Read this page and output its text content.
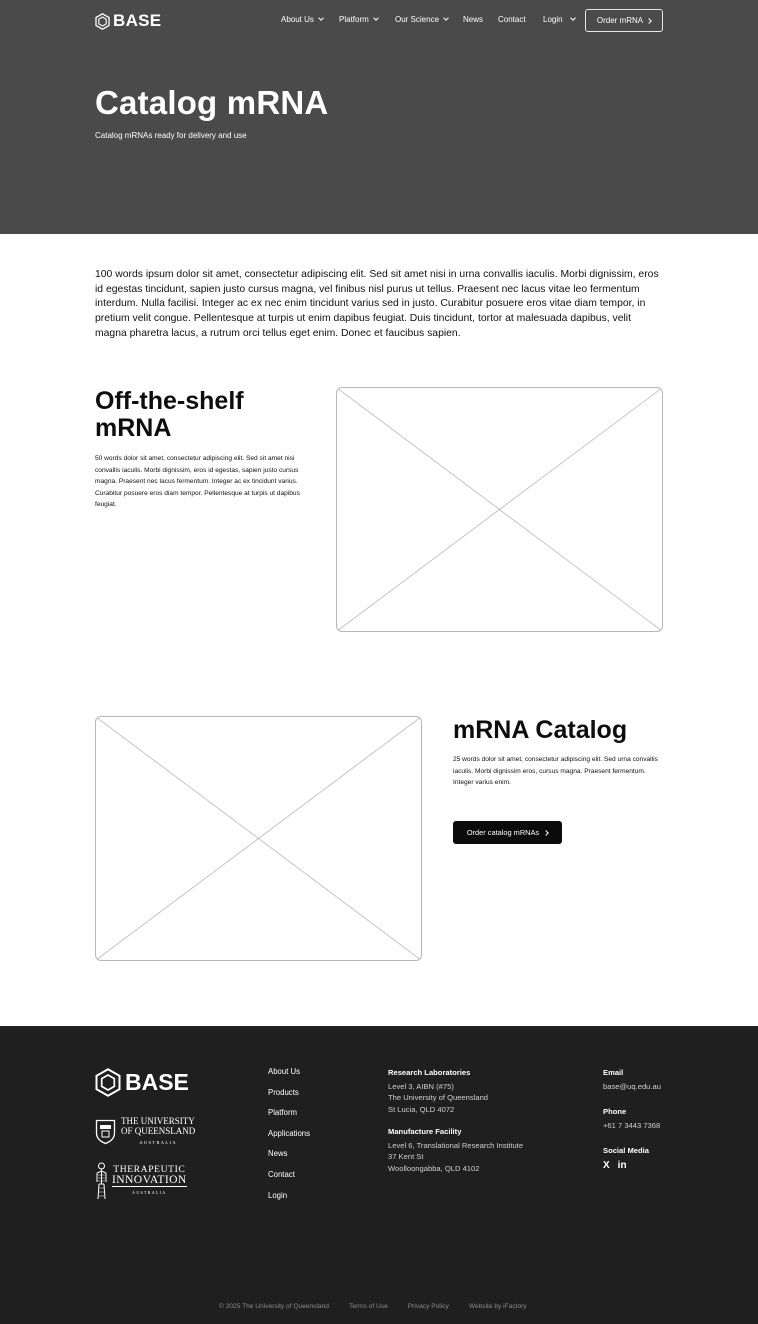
BASE	About Us	Platform	Our Science	News Contact Login	Order mRNA
Catalog mRNA

Catalog mRNAs ready for delivery and use

100 words ipsum dolor sit amet, consectetur adipiscing elit. Sed sit amet nisi in urna convallis iaculis. Morbi dignissim, eros id egestas tincidunt, sapien justo cursus magna, vel finibus nisl purus ut tellus. Praesent nec lacus vitae leo fermentum interdum. Nulla facilisi. Integer ac ex nec enim tincidunt varius sed in justo. Curabitur posuere eros vitae diam tempor, in pretium velit congue. Pellentesque at turpis ut enim dapibus feugiat. Duis tincidunt, tortor at malesuada dapibus, velit magna pharetra lacus, a rutrum orci tellus eget enim. Donec et faucibus sapien.

Off-the-shelf mRNA

50 words dolor sit amet, consectetur adipiscing elit. Sed sit amet nisi convallis iaculis. Morbi dignissim, eros id egestas, sapien justo cursus magna. Praesent nec lacus fermentum. Integer ac ex tincidunt varius. Curabitur posuere eros diam tempor. Pellentesque at turpis ut dapibus feugiat.

mRNA Catalog

25 words dolor sit amet, consectetur adipiscing elit. Sed urna convallis iaculis. Morbi dignissim eros, cursus magna. Praesent fermentum. Integer varius enim.

Order catalog mRNAs
BASE
THE UNIVERSITY
OF QUEENSLAND
AUSTRALIA
THERAPEUTIC
INNOVATION
AUSTRALIA
About Us
Products
Platform
Applications
News
Contact
Login
Research Laboratories
Level 3, AIBN (#75)
The University of Queensland
St Lucia, QLD 4072
Manufacture Facility
Level 6, Translational Research Institute
37 Kent St
Woolloongabba, QLD 4102
Email
base@uq.edu.au
Phone
+61 7 3443 7368
Social Media
X in
© 2025 The University of Queensland	Terms of Use	Privacy Policy	Website by iFactory
